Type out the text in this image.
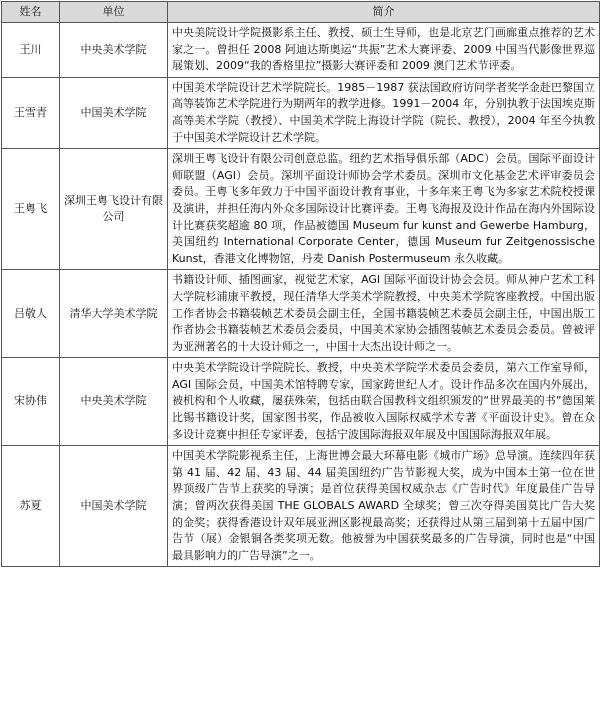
姓名	单位	简介
王川	中央美术学院	中央美院设计学院摄影系主任、教授、硕士生导师，也是北京艺门画廊重点推荐的艺术家之一。曾担任 2008 阿迪达斯奥运“共振”艺术大赛评委、2009 中国当代影像世界巡展策划、2009“我的香格里拉”摄影大赛评委和 2009 澳门艺术节评委。
王雪青	中国美术学院	中国美术学院设计艺术学院院长。1985－1987 获法国政府访问学者奖学金赴巴黎国立高等装饰艺术学院进行为期两年的教学进修。1991－2004 年，分别执教于法国埃克斯高等美术学院（教授）、中国美术学院上海设计学院（院长、教授），2004 年至今执教于中国美术学院设计艺术学院。
王粤飞	深圳王粤飞设计有限公司	深圳王粤飞设计有限公司创意总监。纽约艺术指导俱乐部（ADC）会员。国际平面设计师联盟（AGI）会员。深圳平面设计师协会学术委员。深圳市文化基金艺术评审委员会委员。王粤飞多年致力于中国平面设计教育事业，十多年来王粤飞为多家艺术院校授课及演讲，并担任海内外众多国际设计比赛评委。王粤飞海报及设计作品在海内外国际设计比赛获奖超逾 80 项，作品被德国 Museum fur kunst and Gewerbe Hamburg，美国纽约 International Corporate Center，德国 Museum fur Zeitgenossische Kunst，香港文化博物馆，丹麦 Danish Postermuseum 永久收藏。
吕敬人	清华大学美术学院	书籍设计师、插图画家，视觉艺术家，AGI 国际平面设计协会会员。师从神户艺术工科大学院杉浦康平教授，现任清华大学美术学院教授，中央美术学院客座教授。中国出版工作者协会书籍装帧艺术委员会副主任，全国书籍装帧艺术委员会副主任，中国出版工作者协会书籍装帧艺术委员会委员，中国美术家协会插图装帧艺术委员会委员。曾被评为亚洲著名的十大设计师之一，中国十大杰出设计师之一。
宋协伟	中央美术学院	中央美术学院设计学院院长、教授，中央美术学院学术委员会委员，第六工作室导师，AGI 国际会员，中国美术馆特聘专家，国家跨世纪人才。设计作品多次在国内外展出，被机构和个人收藏，屡获殊荣，包括由联合国教科文组织颁发的“世界最美的书”德国莱比锡书籍设计奖，国家图书奖，作品被收入国际权威学术专著《平面设计史》。曾在众多设计竞赛中担任专家评委，包括宁波国际海报双年展及中国国际海报双年展。
苏夏	中国美术学院	中国美术学院影视系主任，上海世博会最大环幕电影《城市广场》总导演。连续四年获第 41 届、42 届、43 届、44 届美国纽约广告节影视大奖，成为中国本土第一位在世界顶级广告节上获奖的导演；是首位获得美国权威杂志《广告时代》年度最佳广告导演；曾两次获得美国 THE GLOBALS AWARD 全球奖；曾三次夺得美国莫比广告大奖的金奖；获得香港设计双年展亚洲区影视最高奖；还获得过从第三届到第十五届中国广告节（展）金银铜各类奖项无数。他被誉为中国获奖最多的广告导演，同时也是“中国最具影响力的广告导演”之一。
